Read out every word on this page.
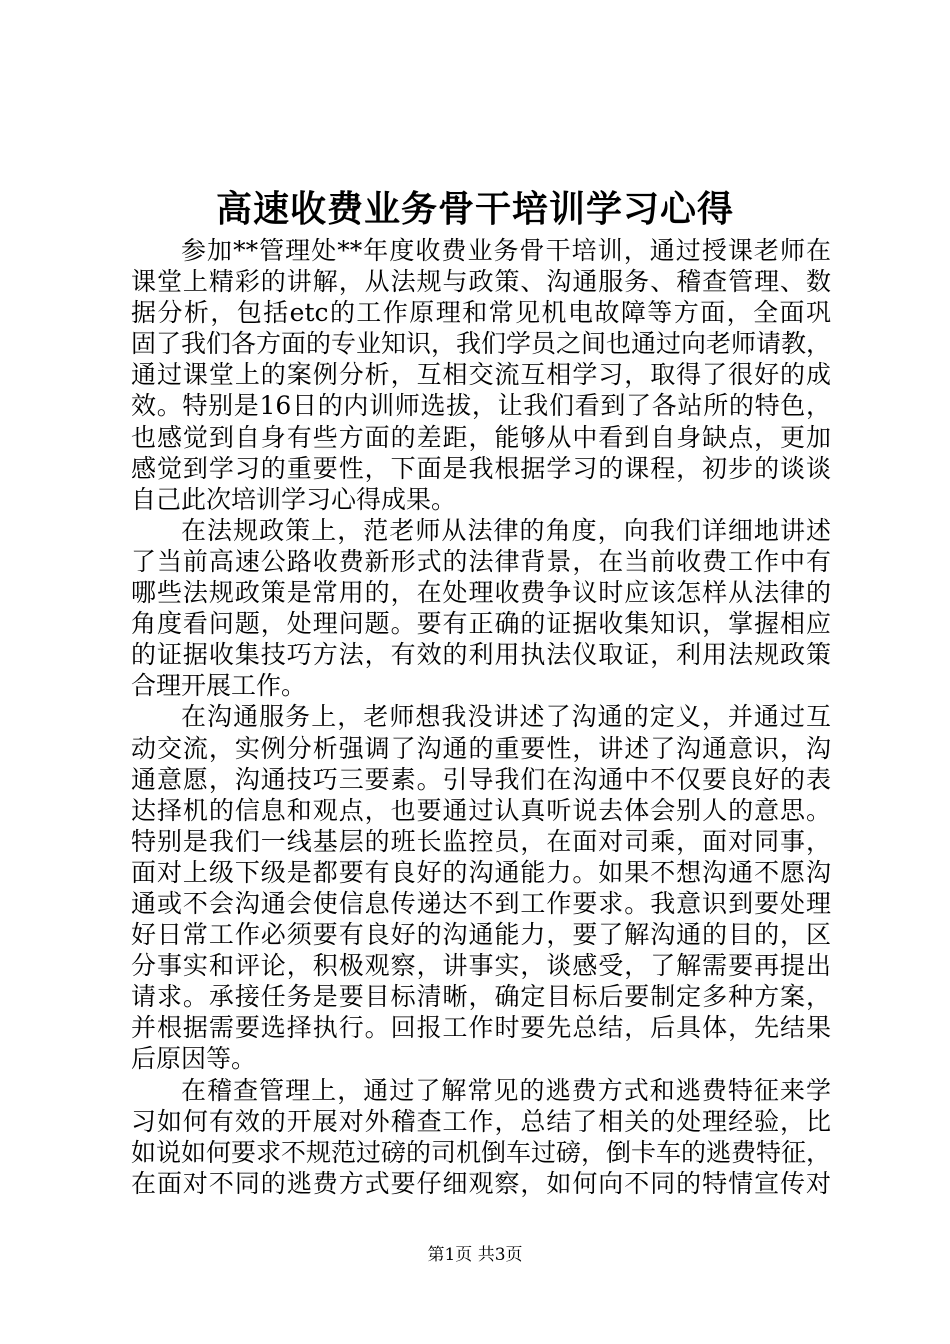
高速收费业务骨干培训学习心得
参加**管理处**年度收费业务骨干培训，通过授课老师在
课堂上精彩的讲解，从法规与政策、沟通服务、稽查管理、数
据分析，包括etc的工作原理和常见机电故障等方面，全面巩
固了我们各方面的专业知识，我们学员之间也通过向老师请教，
通过课堂上的案例分析，互相交流互相学习，取得了很好的成
效。特别是16日的内训师选拔，让我们看到了各站所的特色，
也感觉到自身有些方面的差距，能够从中看到自身缺点，更加
感觉到学习的重要性，下面是我根据学习的课程，初步的谈谈
自己此次培训学习心得成果。
在法规政策上，范老师从法律的角度，向我们详细地讲述
了当前高速公路收费新形式的法律背景，在当前收费工作中有
哪些法规政策是常用的，在处理收费争议时应该怎样从法律的
角度看问题，处理问题。要有正确的证据收集知识，掌握相应
的证据收集技巧方法，有效的利用执法仪取证，利用法规政策
合理开展工作。
在沟通服务上，老师想我没讲述了沟通的定义，并通过互
动交流，实例分析强调了沟通的重要性，讲述了沟通意识，沟
通意愿，沟通技巧三要素。引导我们在沟通中不仅要良好的表
达择机的信息和观点，也要通过认真听说去体会别人的意思。
特别是我们一线基层的班长监控员，在面对司乘，面对同事，
面对上级下级是都要有良好的沟通能力。如果不想沟通不愿沟
通或不会沟通会使信息传递达不到工作要求。我意识到要处理
好日常工作必须要有良好的沟通能力，要了解沟通的目的，区
分事实和评论，积极观察，讲事实，谈感受，了解需要再提出
请求。承接任务是要目标清晰，确定目标后要制定多种方案，
并根据需要选择执行。回报工作时要先总结，后具体，先结果
后原因等。
在稽查管理上，通过了解常见的逃费方式和逃费特征来学
习如何有效的开展对外稽查工作，总结了相关的处理经验，比
如说如何要求不规范过磅的司机倒车过磅，倒卡车的逃费特征，
在面对不同的逃费方式要仔细观察，如何向不同的特情宣传对
第1页 共3页
